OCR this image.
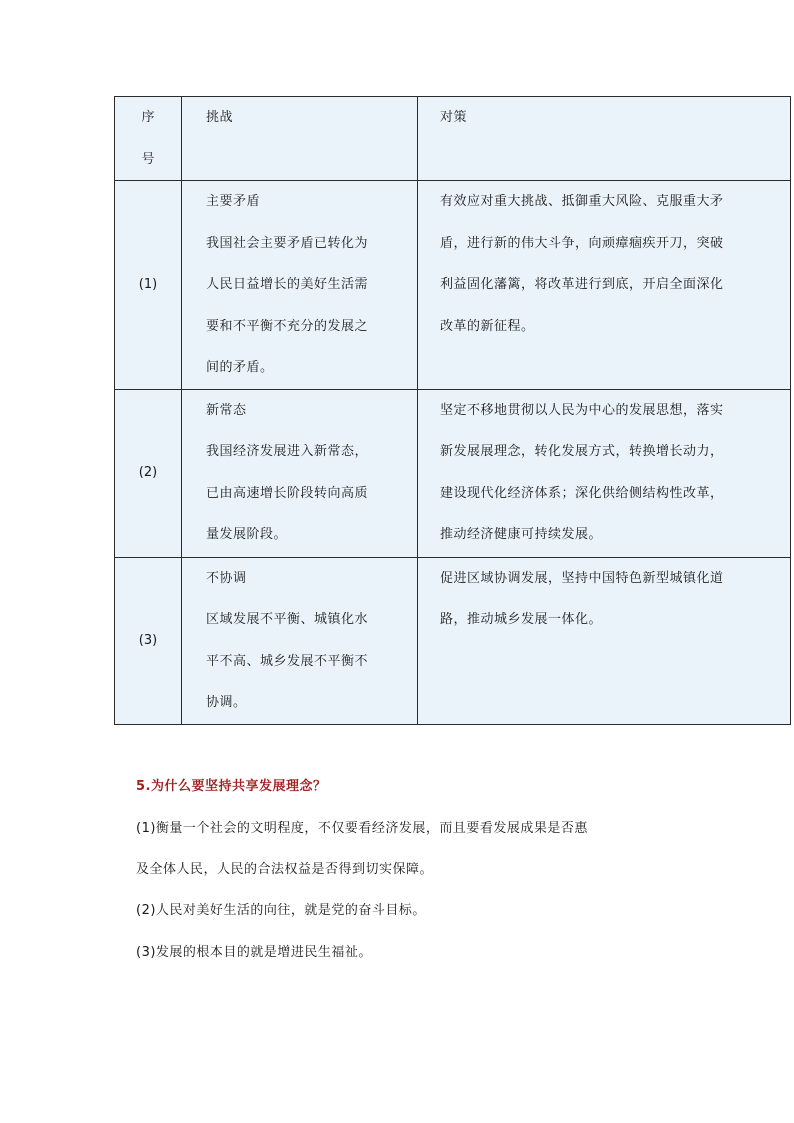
序
号	挑战	对策

(1)	主要矛盾
我国社会主要矛盾已转化为
人民日益增长的美好生活需
要和不平衡不充分的发展之
间的矛盾。	有效应对重大挑战、抵御重大风险、克服重大矛
盾，进行新的伟大斗争，向顽瘴痼疾开刀，突破
利益固化藩篱，将改革进行到底，开启全面深化
改革的新征程。

(2)	新常态
我国经济发展进入新常态，
已由高速增长阶段转向高质
量发展阶段。	坚定不移地贯彻以人民为中心的发展思想，落实
新发展展理念，转化发展方式，转换增长动力，
建设现代化经济体系；深化供给侧结构性改革，
推动经济健康可持续发展。

(3)	不协调
区域发展不平衡、城镇化水
平不高、城乡发展不平衡不
协调。	促进区域协调发展，坚持中国特色新型城镇化道
路，推动城乡发展一体化。
5.为什么要坚持共享发展理念？
(1)衡量一个社会的文明程度，不仅要看经济发展，而且要看发展成果是否惠
及全体人民，人民的合法权益是否得到切实保障。
(2)人民对美好生活的向往，就是党的奋斗目标。
(3)发展的根本目的就是增进民生福祉。
